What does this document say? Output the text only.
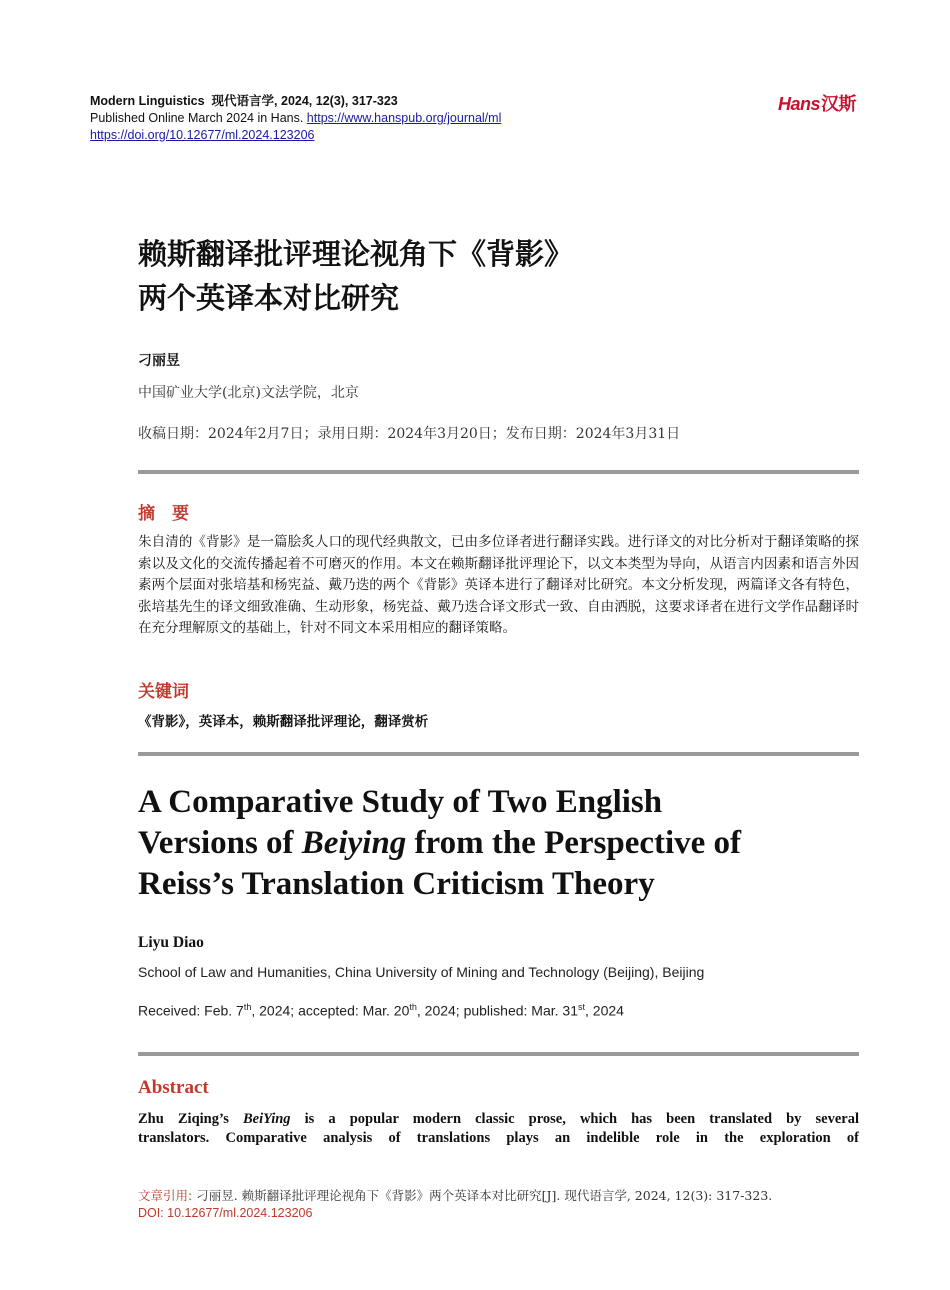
Modern Linguistics 现代语言学, 2024, 12(3), 317-323
Published Online March 2024 in Hans. https://www.hanspub.org/journal/ml
https://doi.org/10.12677/ml.2024.123206
Hans汉斯
赖斯翻译批评理论视角下《背影》
两个英译本对比研究
刁丽昱
中国矿业大学(北京)文法学院，北京
收稿日期：2024年2月7日；录用日期：2024年3月20日；发布日期：2024年3月31日
摘　要
朱自清的《背影》是一篇脍炙人口的现代经典散文，已由多位译者进行翻译实践。进行译文的对比分析对于翻译策略的探索以及文化的交流传播起着不可磨灭的作用。本文在赖斯翻译批评理论下，以文本类型为导向，从语言内因素和语言外因素两个层面对张培基和杨宪益、戴乃迭的两个《背影》英译本进行了翻译对比研究。本文分析发现，两篇译文各有特色，张培基先生的译文细致准确、生动形象，杨宪益、戴乃迭合译文形式一致、自由洒脱，这要求译者在进行文学作品翻译时在充分理解原文的基础上，针对不同文本采用相应的翻译策略。
关键词
《背影》，英译本，赖斯翻译批评理论，翻译赏析
A Comparative Study of Two English
Versions of Beiying from the Perspective of
Reiss’s Translation Criticism Theory
Liyu Diao
School of Law and Humanities, China University of Mining and Technology (Beijing), Beijing
Received: Feb. 7th, 2024; accepted: Mar. 20th, 2024; published: Mar. 31st, 2024
Abstract
Zhu Ziqing’s BeiYing is a popular modern classic prose, which has been translated by several
translators. Comparative analysis of translations plays an indelible role in the exploration of
文章引用: 刁丽昱. 赖斯翻译批评理论视角下《背影》两个英译本对比研究[J]. 现代语言学, 2024, 12(3): 317-323.
DOI: 10.12677/ml.2024.123206
